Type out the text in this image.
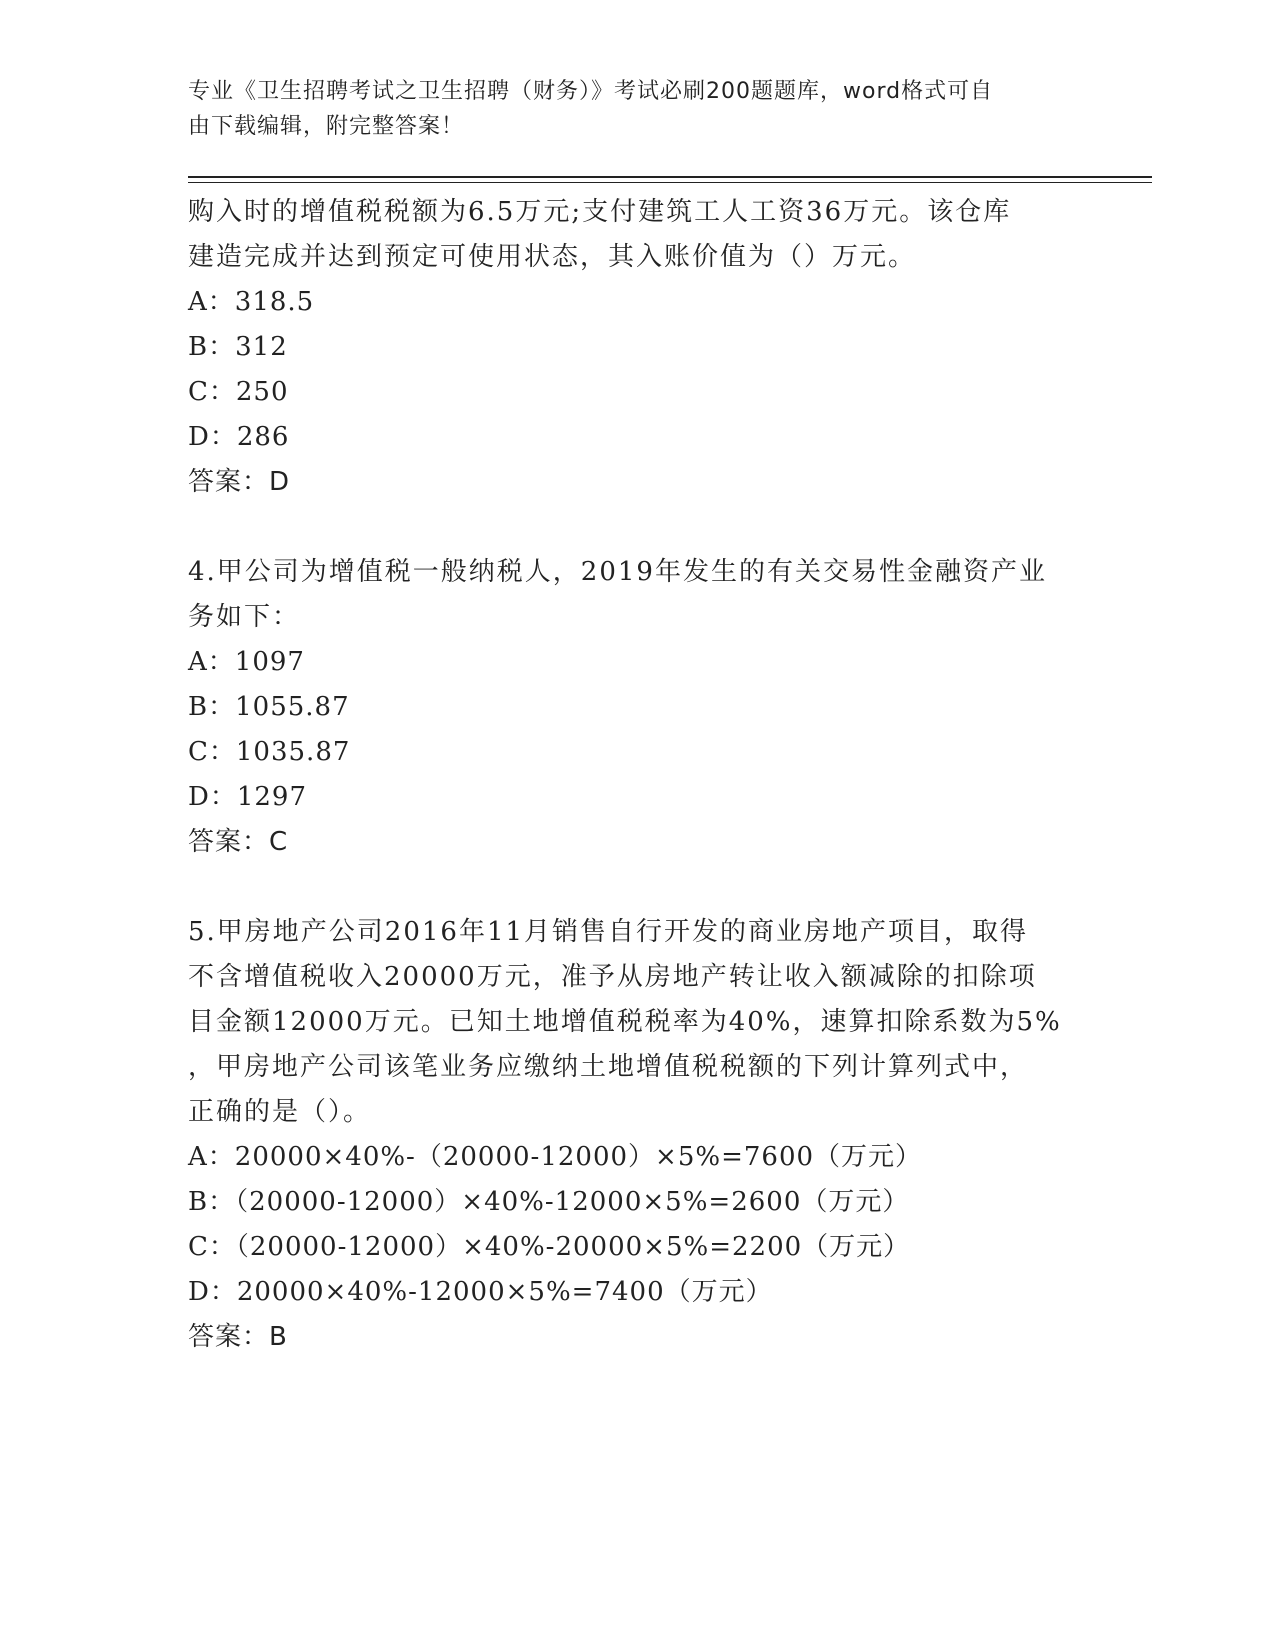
专业《卫生招聘考试之卫生招聘（财务）》考试必刷200题题库，word格式可自
由下载编辑，附完整答案！

购入时的增值税税额为6.5万元;支付建筑工人工资36万元。该仓库

建造完成并达到预定可使用状态，其入账价值为（）万元。

A：318.5

B：312

C：250

D：286

答案：D

4.甲公司为增值税一般纳税人，2019年发生的有关交易性金融资产业

务如下：

A：1097

B：1055.87

C：1035.87

D：1297

答案：C

5.甲房地产公司2016年11月销售自行开发的商业房地产项目，取得

不含增值税收入20000万元，准予从房地产转让收入额减除的扣除项

目金额12000万元。已知土地增值税税率为40%，速算扣除系数为5%

，甲房地产公司该笔业务应缴纳土地增值税税额的下列计算列式中，

正确的是（）。

A：20000×40%-（20000-12000）×5%=7600（万元）

B：（20000-12000）×40%-12000×5%=2600（万元）

C：（20000-12000）×40%-20000×5%=2200（万元）

D：20000×40%-12000×5%=7400（万元）

答案：B
